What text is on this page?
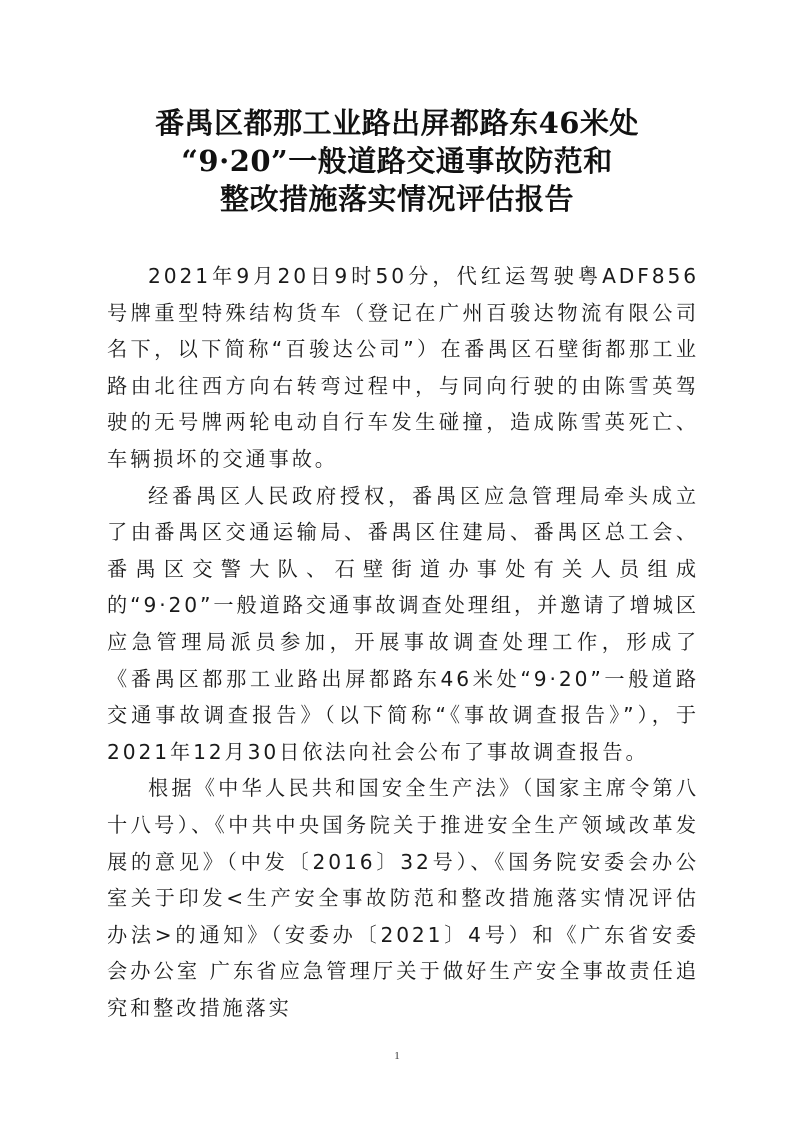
番禺区都那工业路出屏都路东46米处
“9·20”一般道路交通事故防范和
整改措施落实情况评估报告

2021年9月20日9时50分，代红运驾驶粤ADF856号牌重型特殊结构货车（登记在广州百骏达物流有限公司名下，以下简称“百骏达公司”）在番禺区石壁街都那工业路由北往西方向右转弯过程中，与同向行驶的由陈雪英驾驶的无号牌两轮电动自行车发生碰撞，造成陈雪英死亡、车辆损坏的交通事故。

经番禺区人民政府授权，番禺区应急管理局牵头成立了由番禺区交通运输局、番禺区住建局、番禺区总工会、番禺区交警大队、石壁街道办事处有关人员组成的“9·20”一般道路交通事故调查处理组，并邀请了增城区应急管理局派员参加，开展事故调查处理工作，形成了《番禺区都那工业路出屏都路东46米处“9·20”一般道路交通事故调查报告》（以下简称“《事故调查报告》”），于2021年12月30日依法向社会公布了事故调查报告。

根据《中华人民共和国安全生产法》（国家主席令第八十八号）、《中共中央国务院关于推进安全生产领域改革发展的意见》（中发〔2016〕32号）、《国务院安委会办公室关于印发<生产安全事故防范和整改措施落实情况评估办法>的通知》（安委办〔2021〕4号）和《广东省安委会办公室 广东省应急管理厅关于做好生产安全事故责任追究和整改措施落实

1
